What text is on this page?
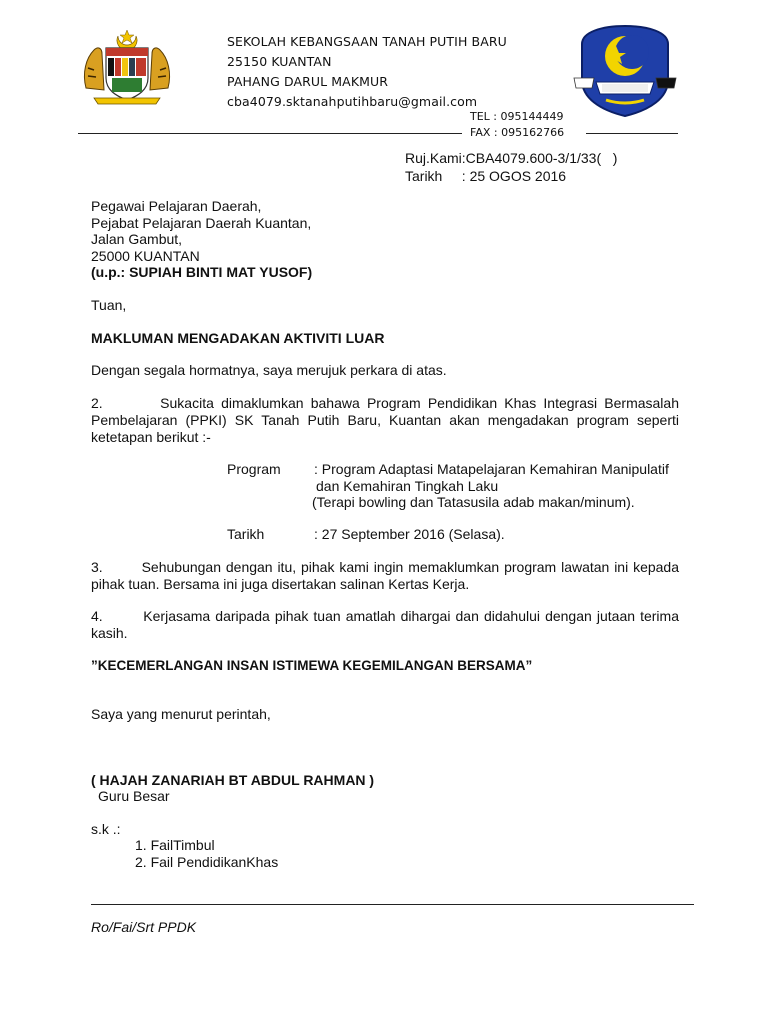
SEKOLAH KEBANGSAAN TANAH PUTIH BARU
25150 KUANTAN
PAHANG DARUL MAKMUR
cba4079.sktanahputihbaru@gmail.com
TEL : 095144449
FAX : 095162766
Ruj.Kami:CBA4079.600-3/1/33(   )
Tarikh     : 25 OGOS 2016
Pegawai Pelajaran Daerah,
Pejabat Pelajaran Daerah Kuantan,
Jalan Gambut,
25000 KUANTAN
(u.p.: SUPIAH BINTI MAT YUSOF)
Tuan,
MAKLUMAN MENGADAKAN AKTIVITI LUAR
Dengan segala hormatnya, saya merujuk perkara di atas.
2.        Sukacita dimaklumkan bahawa Program Pendidikan Khas Integrasi Bermasalah Pembelajaran (PPKI) SK Tanah Putih Baru, Kuantan akan mengadakan program seperti ketetapan berikut :-
Program : Program Adaptasi Matapelajaran Kemahiran Manipulatif
dan Kemahiran Tingkah Laku
(Terapi bowling dan Tatasusila adab makan/minum).
Tarikh	: 27 September 2016 (Selasa).
3.        Sehubungan dengan itu, pihak kami ingin memaklumkan program lawatan ini kepada pihak tuan. Bersama ini juga disertakan salinan Kertas Kerja.
4.        Kerjasama daripada pihak tuan amatlah dihargai dan didahului dengan jutaan terima kasih.
”KECEMERLANGAN INSAN ISTIMEWA KEGEMILANGAN BERSAMA”
Saya yang menurut perintah,
( HAJAH ZANARIAH BT ABDUL RAHMAN )
Guru Besar
s.k .:
1. FailTimbul
2. Fail PendidikanKhas
Ro/Fai/Srt PPDK
